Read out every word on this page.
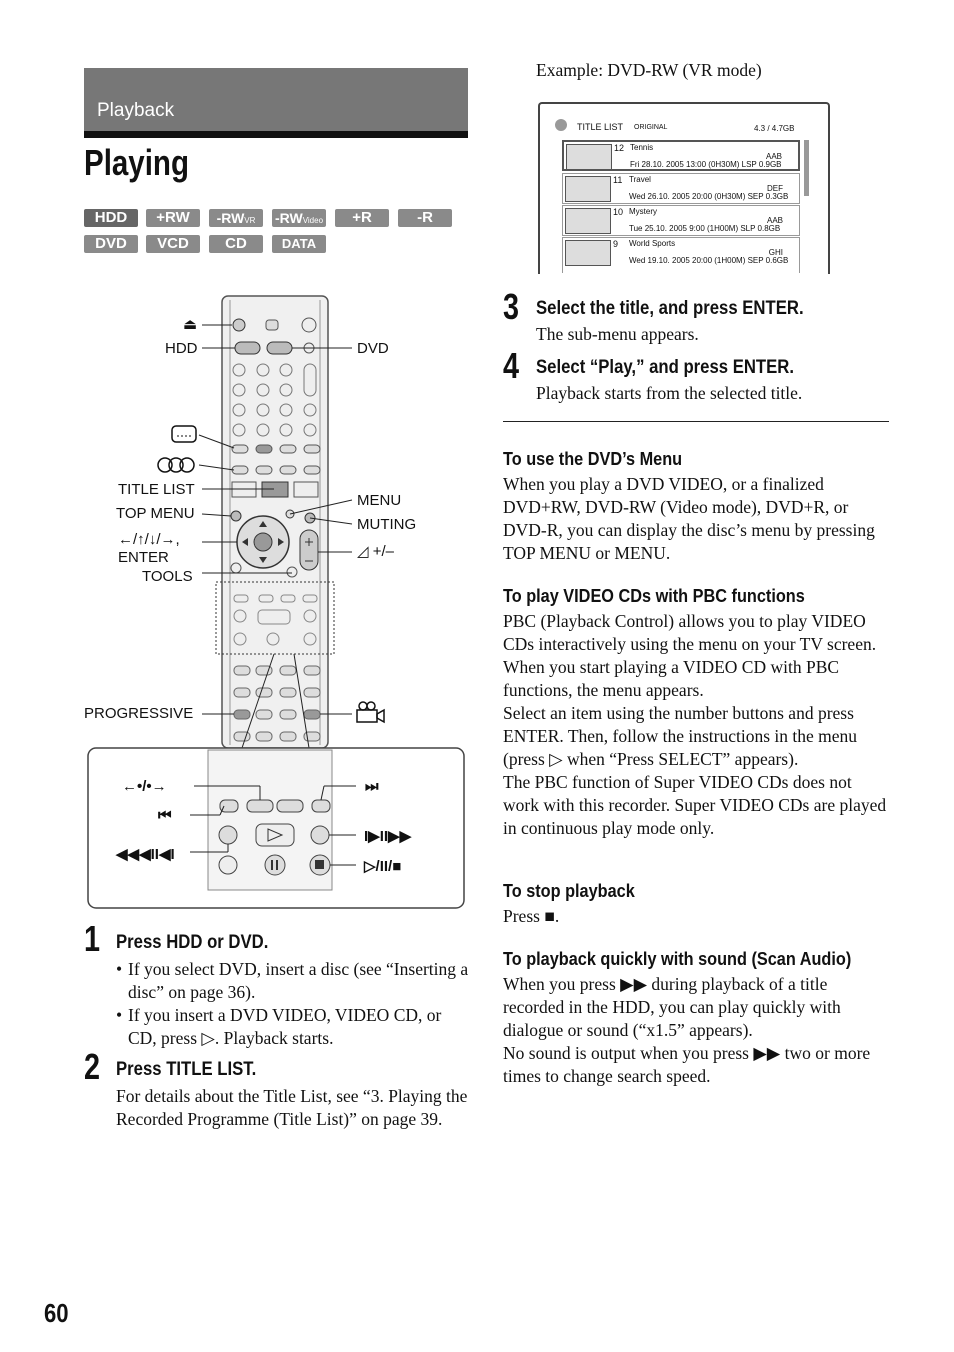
Playback
Playing
HDD	+RW	-RWVR	-RWVideo	+R	-R
DVD	VCD	CD	DATA CD
⏏
HDD	DVD
TITLE LIST
TOP MENU
←/↑/↓/→,
ENTER
TOOLS
MENU
MUTING
◿ +/–
PROGRESSIVE
←•/•→
⏮
◀◀◀II◀I
⏭
I▶II▶▶
▷/II/■
1 Press HDD or DVD.
• If you select DVD, insert a disc (see “Inserting a disc” on page 36).
• If you insert a DVD VIDEO, VIDEO CD, or CD, press ▷. Playback starts.
2 Press TITLE LIST.
For details about the Title List, see “3. Playing the Recorded Programme (Title List)” on page 39.
Example: DVD-RW (VR mode)
TITLE LIST ORIGINAL	4.3 / 4.7GB
12 Tennis
AAB
Fri 28.10. 2005 13:00 (0H30M) LSP 0.9GB
11 Travel
DEF
Wed 26.10. 2005 20:00 (0H30M) SEP 0.3GB
10 Mystery
AAB
Tue 25.10. 2005 9:00 (1H00M) SLP 0.8GB
9 World Sports
GHI
Wed 19.10. 2005 20:00 (1H00M) SEP 0.6GB
3 Select the title, and press ENTER.
The sub-menu appears.
4 Select “Play,” and press ENTER.
Playback starts from the selected title.
To use the DVD’s Menu
When you play a DVD VIDEO, or a finalized DVD+RW, DVD-RW (Video mode), DVD+R, or DVD-R, you can display the disc’s menu by pressing TOP MENU or MENU.
To play VIDEO CDs with PBC functions
PBC (Playback Control) allows you to play VIDEO CDs interactively using the menu on your TV screen.
When you start playing a VIDEO CD with PBC functions, the menu appears.
Select an item using the number buttons and press ENTER. Then, follow the instructions in the menu (press ▷ when “Press SELECT” appears).
The PBC function of Super VIDEO CDs does not work with this recorder. Super VIDEO CDs are played in continuous play mode only.
To stop playback
Press ■.
To playback quickly with sound (Scan Audio)
When you press ▶▶ during playback of a title recorded in the HDD, you can play quickly with dialogue or sound (“x1.5” appears).
No sound is output when you press ▶▶ two or more times to change search speed.
60
